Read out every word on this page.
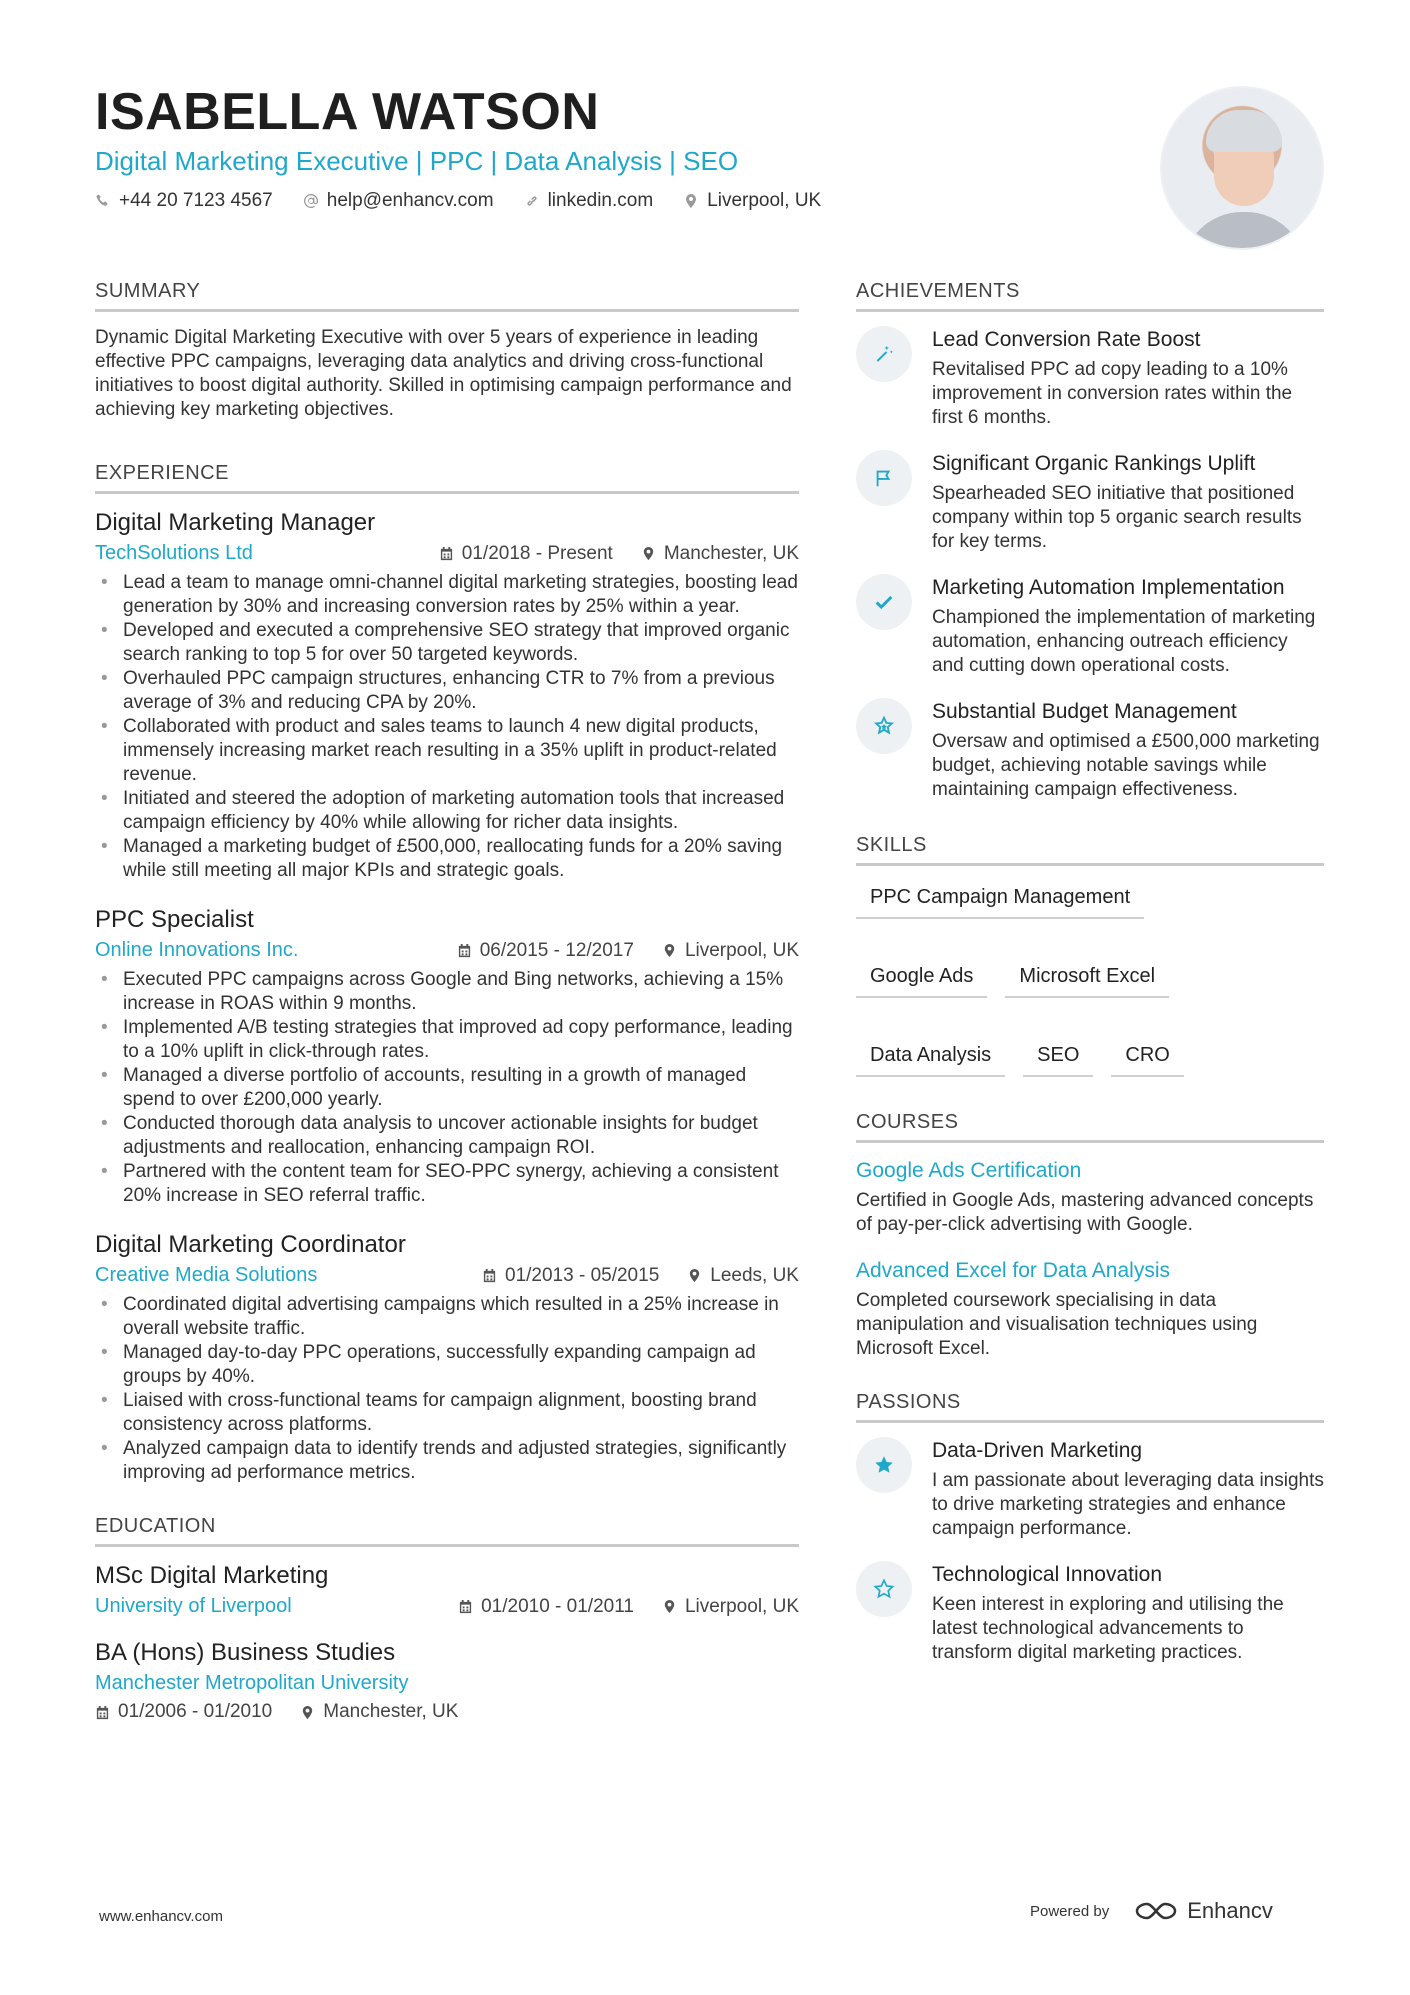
ISABELLA WATSON
Digital Marketing Executive | PPC | Data Analysis | SEO
+44 20 7123 4567	help@enhancv.com	linkedin.com	Liverpool, UK
SUMMARY
Dynamic Digital Marketing Executive with over 5 years of experience in leading effective PPC campaigns, leveraging data analytics and driving cross-functional initiatives to boost digital authority. Skilled in optimising campaign performance and achieving key marketing objectives.
EXPERIENCE
Digital Marketing Manager
TechSolutions Ltd	01/2018 - Present	Manchester, UK
• Lead a team to manage omni-channel digital marketing strategies, boosting lead generation by 30% and increasing conversion rates by 25% within a year.
• Developed and executed a comprehensive SEO strategy that improved organic search ranking to top 5 for over 50 targeted keywords.
• Overhauled PPC campaign structures, enhancing CTR to 7% from a previous average of 3% and reducing CPA by 20%.
• Collaborated with product and sales teams to launch 4 new digital products, immensely increasing market reach resulting in a 35% uplift in product-related revenue.
• Initiated and steered the adoption of marketing automation tools that increased campaign efficiency by 40% while allowing for richer data insights.
• Managed a marketing budget of £500,000, reallocating funds for a 20% saving while still meeting all major KPIs and strategic goals.
PPC Specialist
Online Innovations Inc.	06/2015 - 12/2017	Liverpool, UK
• Executed PPC campaigns across Google and Bing networks, achieving a 15% increase in ROAS within 9 months.
• Implemented A/B testing strategies that improved ad copy performance, leading to a 10% uplift in click-through rates.
• Managed a diverse portfolio of accounts, resulting in a growth of managed spend to over £200,000 yearly.
• Conducted thorough data analysis to uncover actionable insights for budget adjustments and reallocation, enhancing campaign ROI.
• Partnered with the content team for SEO-PPC synergy, achieving a consistent 20% increase in SEO referral traffic.
Digital Marketing Coordinator
Creative Media Solutions	01/2013 - 05/2015	Leeds, UK
• Coordinated digital advertising campaigns which resulted in a 25% increase in overall website traffic.
• Managed day-to-day PPC operations, successfully expanding campaign ad groups by 40%.
• Liaised with cross-functional teams for campaign alignment, boosting brand consistency across platforms.
• Analyzed campaign data to identify trends and adjusted strategies, significantly improving ad performance metrics.
EDUCATION
MSc Digital Marketing
University of Liverpool	01/2010 - 01/2011	Liverpool, UK
BA (Hons) Business Studies
Manchester Metropolitan University
01/2006 - 01/2010	Manchester, UK
ACHIEVEMENTS
Lead Conversion Rate Boost
Revitalised PPC ad copy leading to a 10% improvement in conversion rates within the first 6 months.
Significant Organic Rankings Uplift
Spearheaded SEO initiative that positioned company within top 5 organic search results for key terms.
Marketing Automation Implementation
Championed the implementation of marketing automation, enhancing outreach efficiency and cutting down operational costs.
Substantial Budget Management
Oversaw and optimised a £500,000 marketing budget, achieving notable savings while maintaining campaign effectiveness.
SKILLS
PPC Campaign Management
Google Ads	Microsoft Excel
Data Analysis	SEO	CRO
COURSES
Google Ads Certification
Certified in Google Ads, mastering advanced concepts of pay-per-click advertising with Google.
Advanced Excel for Data Analysis
Completed coursework specialising in data manipulation and visualisation techniques using Microsoft Excel.
PASSIONS
Data-Driven Marketing
I am passionate about leveraging data insights to drive marketing strategies and enhance campaign performance.
Technological Innovation
Keen interest in exploring and utilising the latest technological advancements to transform digital marketing practices.
www.enhancv.com	Powered by	Enhancv
